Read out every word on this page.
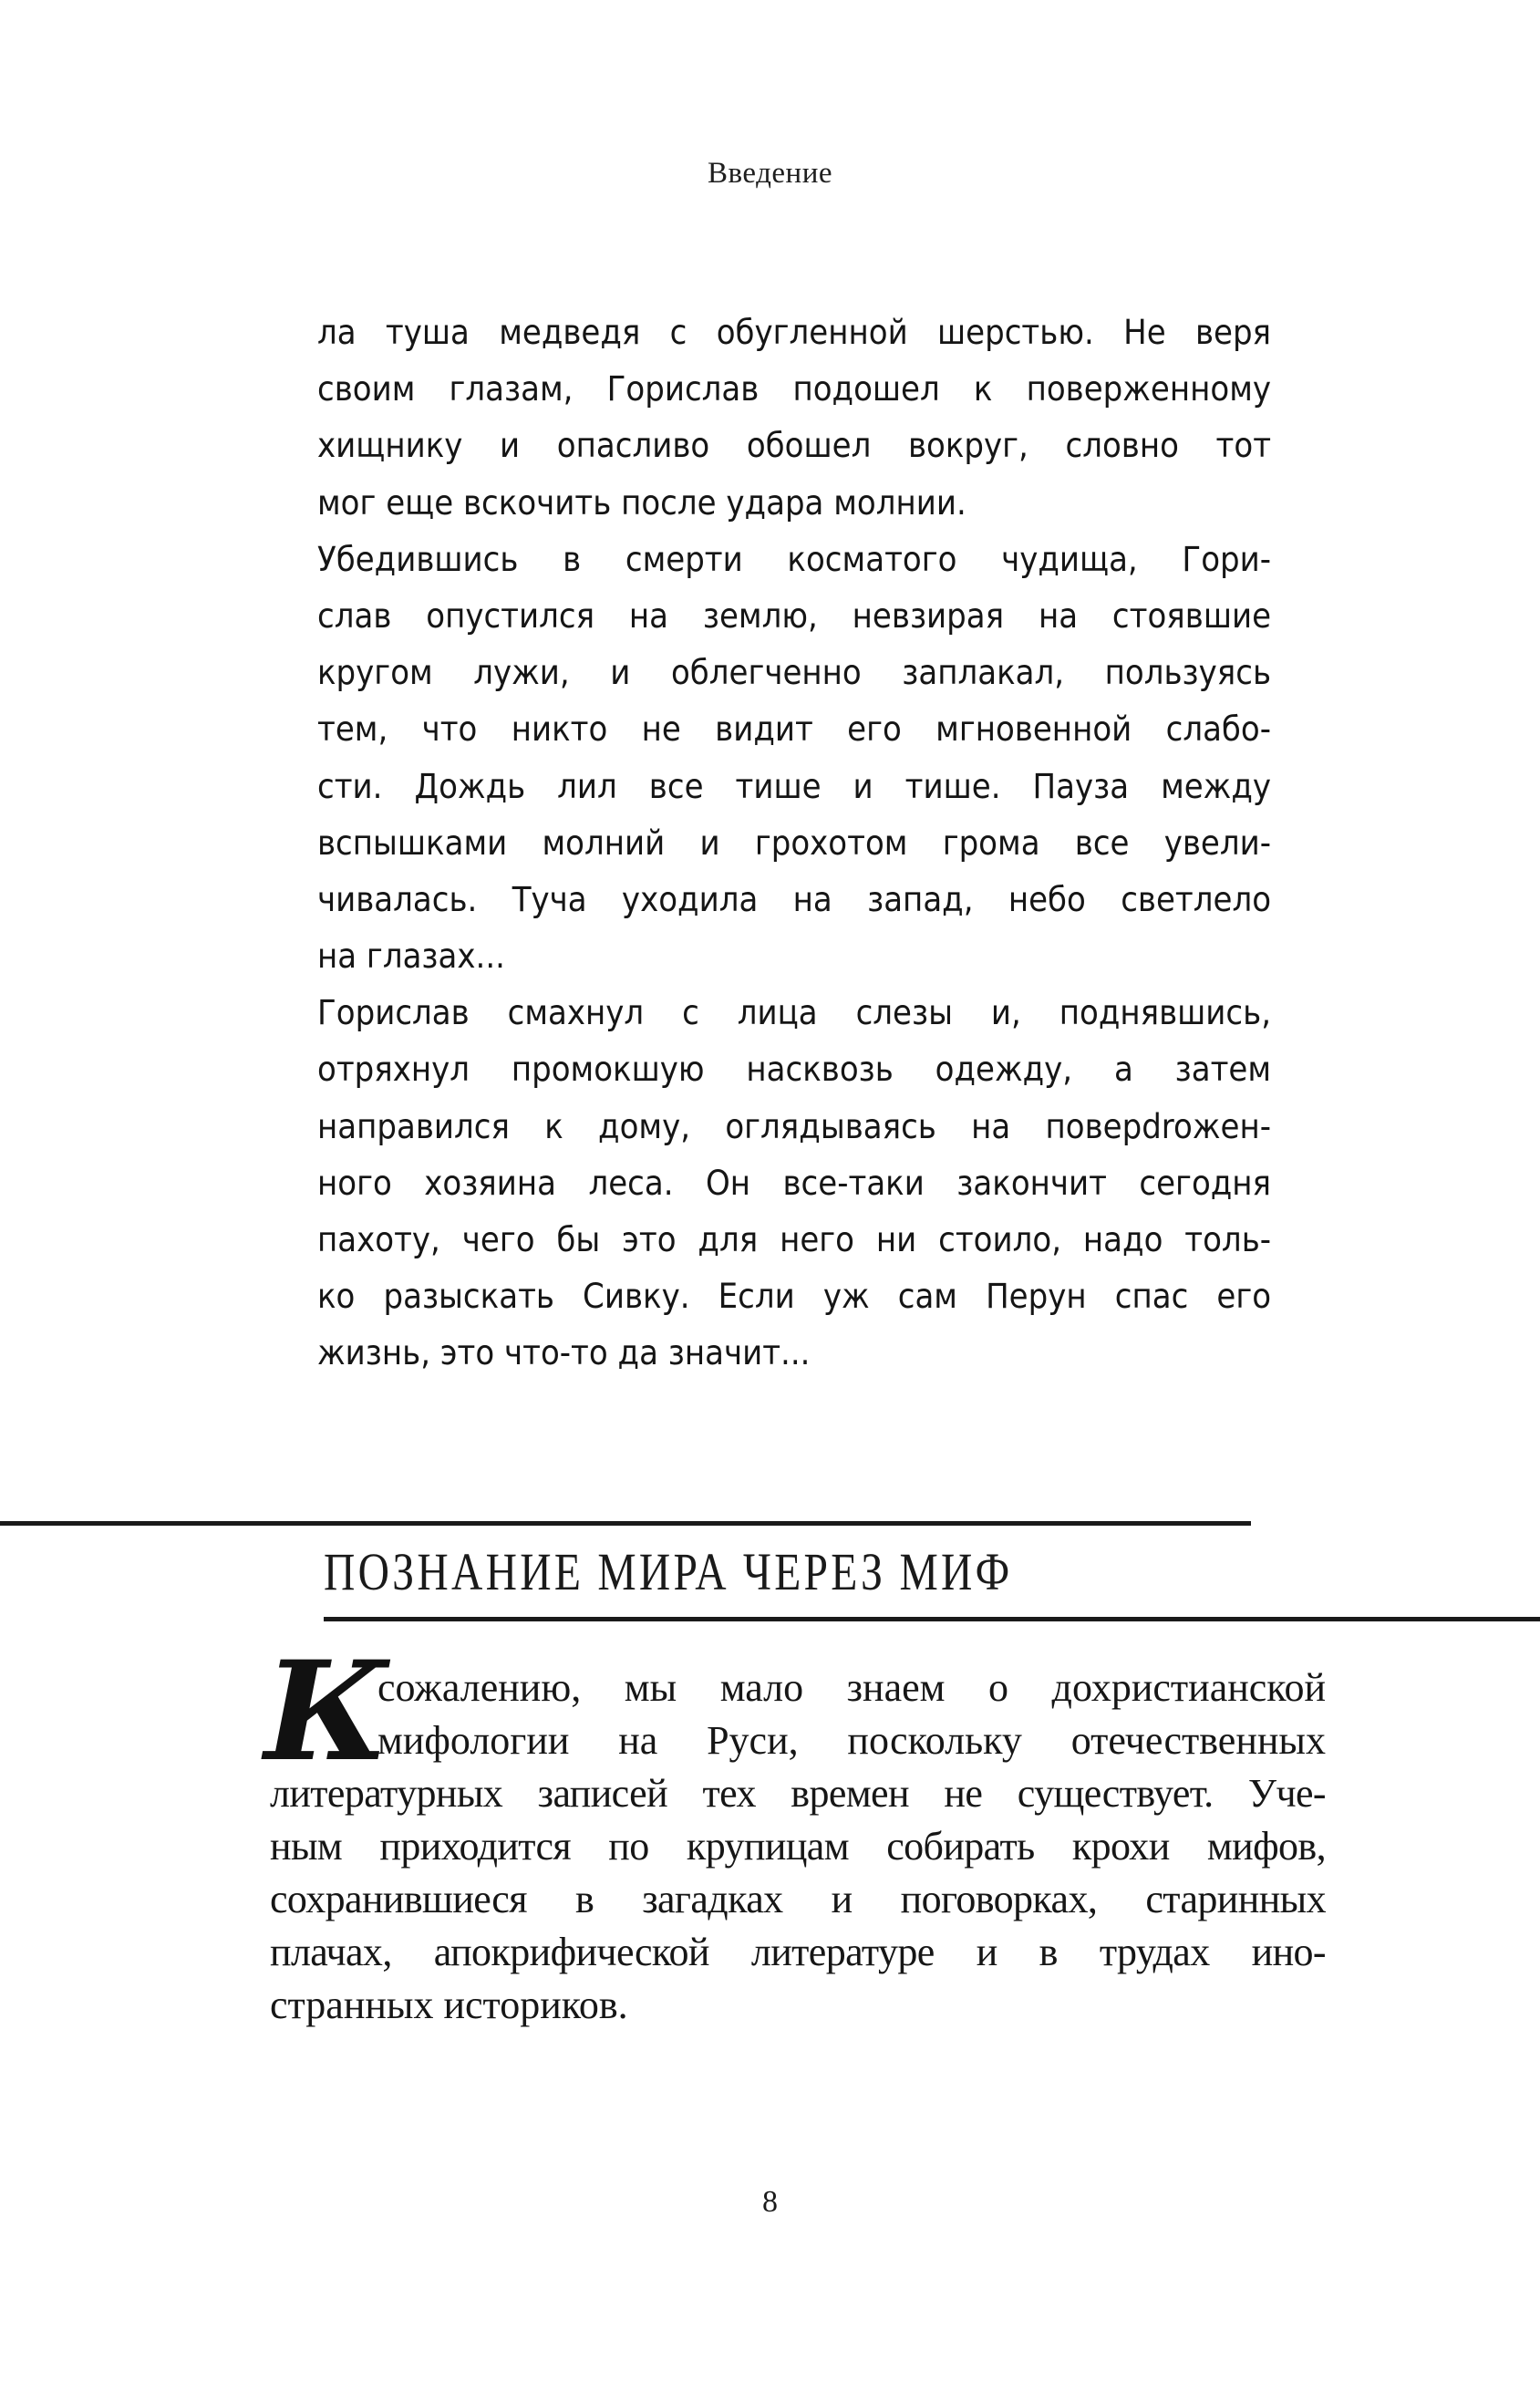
Введение
ла туша медведя с обугленной шерстью. Не веря
своим глазам, Горислав подошел к поверженному
хищнику и опасливо обошел вокруг, словно тот
мог еще вскочить после удара молнии.
Убедившись в смерти косматого чудища, Гори-
слав опустился на землю, невзирая на стоявшие
кругом лужи, и облегченно заплакал, пользуясь
тем, что никто не видит его мгновенной слабо-
сти. Дождь лил все тише и тише. Пауза между
вспышками молний и грохотом грома все увели-
чивалась. Туча уходила на запад, небо светлело
на глазах...
Горислав смахнул с лица слезы и, поднявшись,
отряхнул промокшую насквозь одежду, а затем
направился к дому, оглядываясь на поверdroжен-
ного хозяина леса. Он все-таки закончит сегодня
пахоту, чего бы это для него ни стоило, надо толь-
ко разыскать Сивку. Если уж сам Перун спас его
жизнь, это что-то да значит...
ПОЗНАНИЕ МИРА ЧЕРЕЗ МИФ
К
сожалению, мы мало знаем о дохристианской
мифологии на Руси, поскольку отечественных
литературных записей тех времен не существует. Уче-
ным приходится по крупицам собирать крохи мифов,
сохранившиеся в загадках и поговорках, старинных
плачах, апокрифической литературе и в трудах ино-
странных историков.
8
